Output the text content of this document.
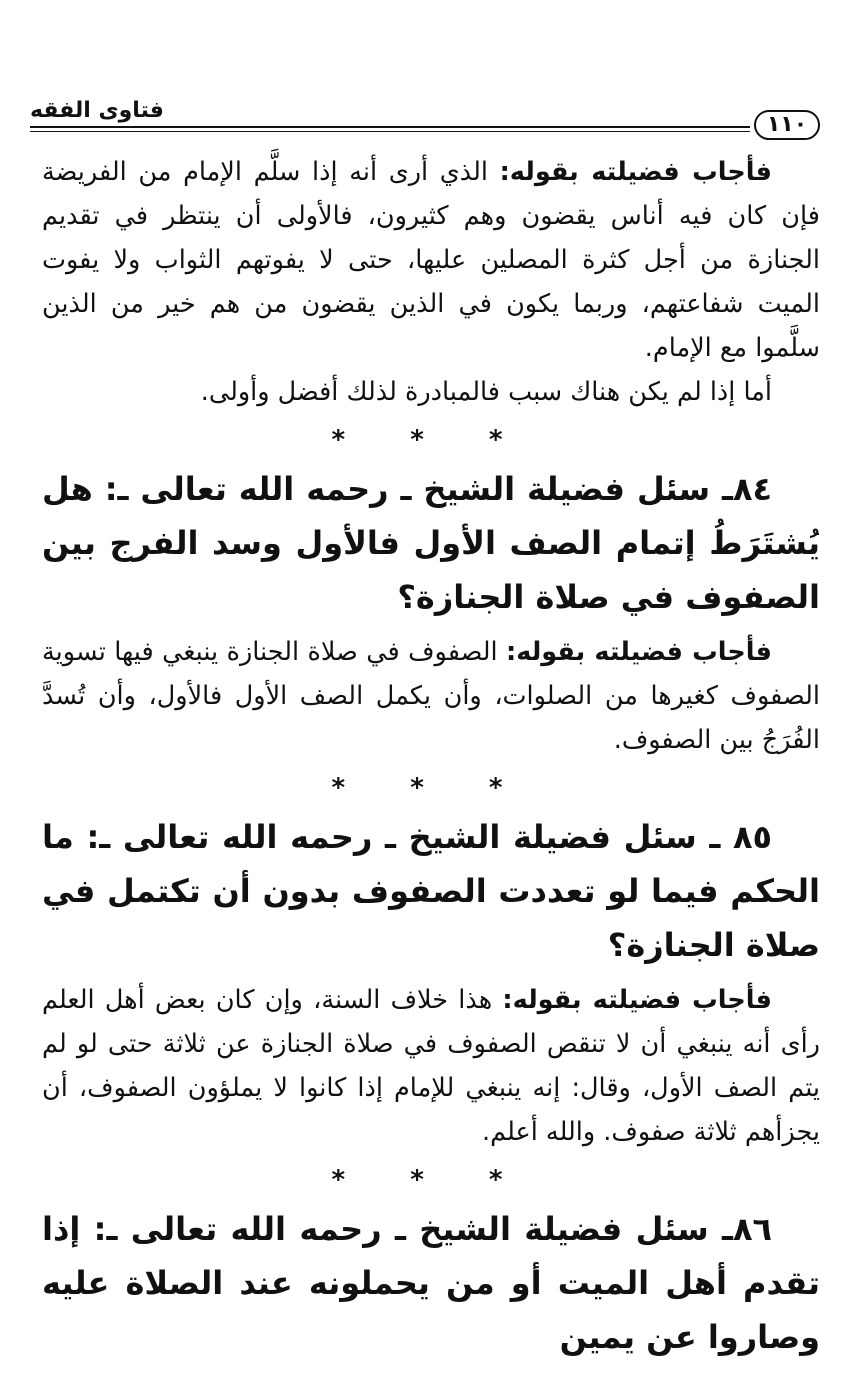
فتاوى الفقه
١١٠

فأجاب فضيلته بقوله: الذي أرى أنه إذا سلَّم الإمام من الفريضة فإن كان فيه أناس يقضون وهم كثيرون، فالأولى أن ينتظر في تقديم الجنازة من أجل كثرة المصلين عليها، حتى لا يفوتهم الثواب ولا يفوت الميت شفاعتهم، وربما يكون في الذين يقضون من هم خير من الذين سلَّموا مع الإمام.

أما إذا لم يكن هناك سبب فالمبادرة لذلك أفضل وأولى.

* * *

٨٤ـ سئل فضيلة الشيخ ـ رحمه الله تعالى ـ: هل يُشتَرَطُ إتمام الصف الأول فالأول وسد الفرج بين الصفوف في صلاة الجنازة؟

فأجاب فضيلته بقوله: الصفوف في صلاة الجنازة ينبغي فيها تسوية الصفوف كغيرها من الصلوات، وأن يكمل الصف الأول فالأول، وأن تُسدَّ الفُرَجُ بين الصفوف.

* * *

٨٥ ـ سئل فضيلة الشيخ ـ رحمه الله تعالى ـ: ما الحكم فيما لو تعددت الصفوف بدون أن تكتمل في صلاة الجنازة؟

فأجاب فضيلته بقوله: هذا خلاف السنة، وإن كان بعض أهل العلم رأى أنه ينبغي أن لا تنقص الصفوف في صلاة الجنازة عن ثلاثة حتى لو لم يتم الصف الأول، وقال: إنه ينبغي للإمام إذا كانوا لا يملؤون الصفوف، أن يجزأهم ثلاثة صفوف. والله أعلم.

* * *

٨٦ـ سئل فضيلة الشيخ ـ رحمه الله تعالى ـ: إذا تقدم أهل الميت أو من يحملونه عند الصلاة عليه وصاروا عن يمين
